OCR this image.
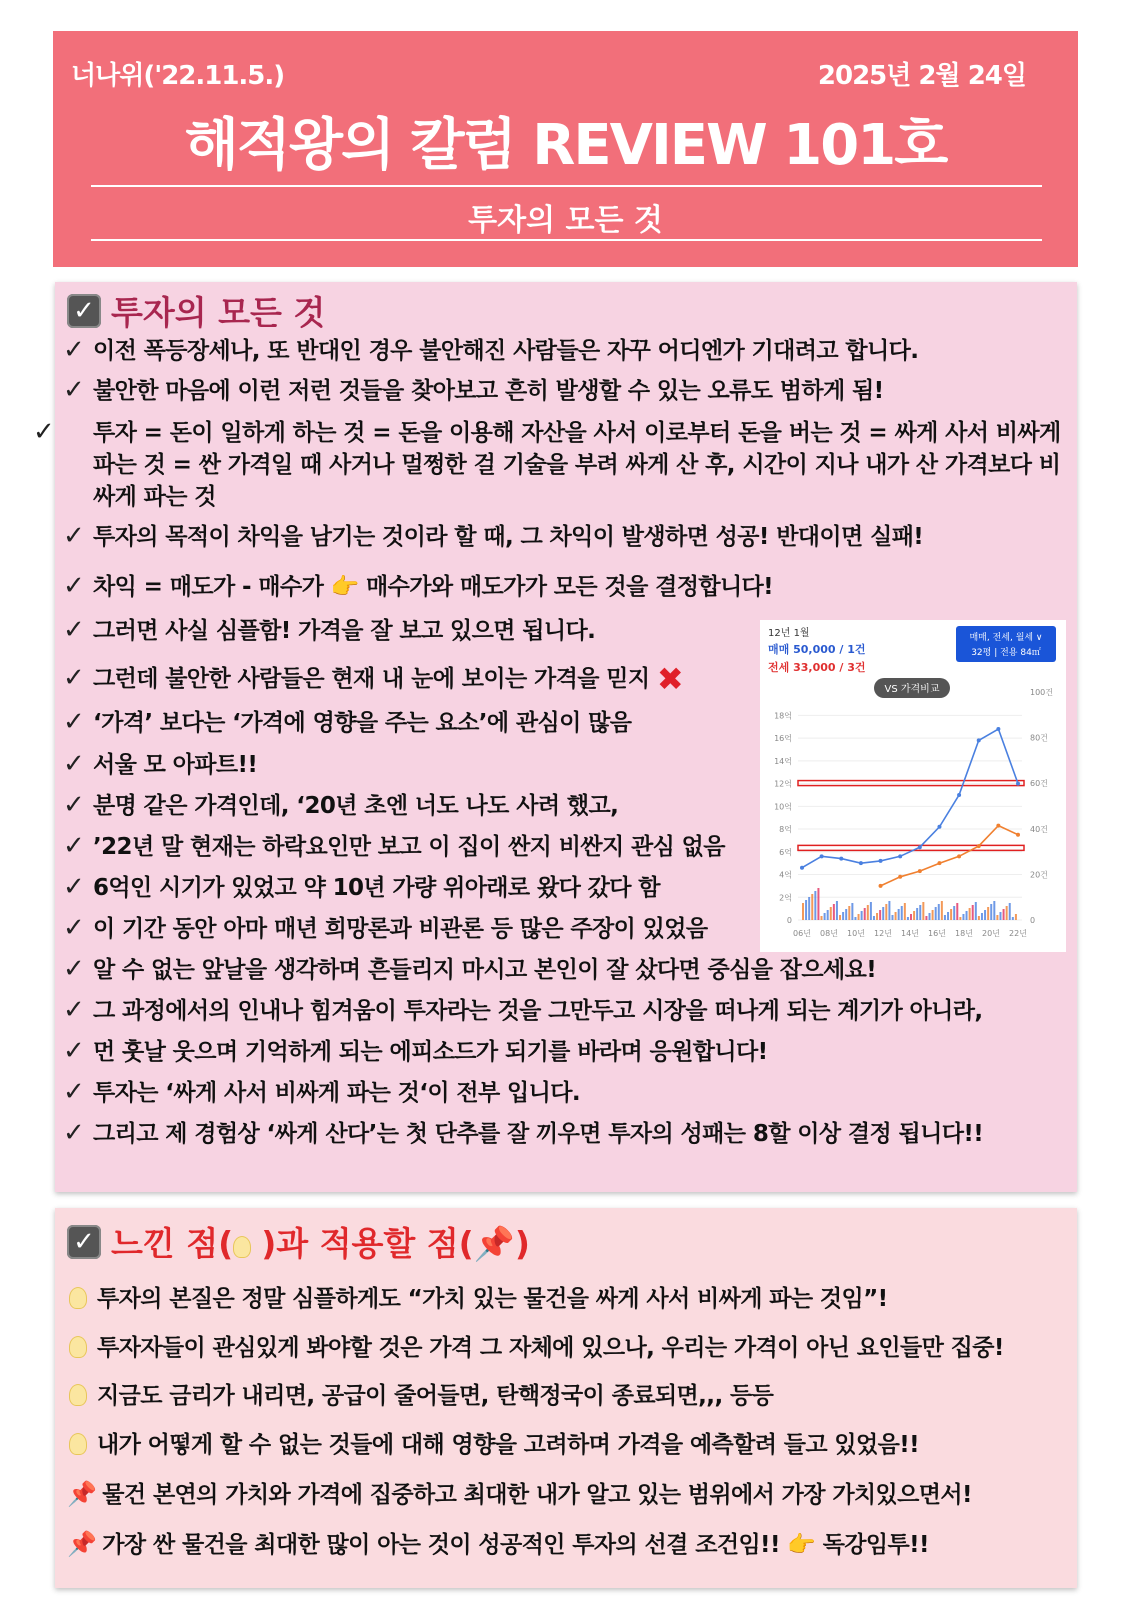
너나위('22.11.5.)	2025년 2월 24일
해적왕의 칼럼 REVIEW 101호
투자의 모든 것
✓ 투자의 모든 것
✓ 이전 폭등장세나, 또 반대인 경우 불안해진 사람들은 자꾸 어디엔가 기대려고 합니다.
✓ 불안한 마음에 이런 저런 것들을 찾아보고 흔히 발생할 수 있는 오류도 범하게 됨!
✓ 투자 = 돈이 일하게 하는 것 = 돈을 이용해 자산을 사서 이로부터 돈을 버는 것 = 싸게 사서 비싸게 파는 것 = 싼 가격일 때 사거나 멀쩡한 걸 기술을 부려 싸게 산 후, 시간이 지나 내가 산 가격보다 비싸게 파는 것
✓ 투자의 목적이 차익을 남기는 것이라 할 때, 그 차익이 발생하면 성공! 반대이면 실패!
✓ 차익 = 매도가 - 매수가 👉 매수가와 매도가가 모든 것을 결정합니다!
✓ 그러면 사실 심플함! 가격을 잘 보고 있으면 됩니다.
✓ 그런데 불안한 사람들은 현재 내 눈에 보이는 가격을 믿지 ✖
✓ ‘가격’ 보다는 ‘가격에 영향을 주는 요소’에 관심이 많음
✓ 서울 모 아파트!!
✓ 분명 같은 가격인데, ‘20년 초엔 너도 나도 사려 했고,
✓ ’22년 말 현재는 하락요인만 보고 이 집이 싼지 비싼지 관심 없음
✓ 6억인 시기가 있었고 약 10년 가량 위아래로 왔다 갔다 함
✓ 이 기간 동안 아마 매년 희망론과 비관론 등 많은 주장이 있었음
✓ 알 수 없는 앞날을 생각하며 흔들리지 마시고 본인이 잘 샀다면 중심을 잡으세요!
✓ 그 과정에서의 인내나 힘겨움이 투자라는 것을 그만두고 시장을 떠나게 되는 계기가 아니라,
✓ 먼 훗날 웃으며 기억하게 되는 에피소드가 되기를 바라며 응원합니다!
✓ 투자는 ‘싸게 사서 비싸게 파는 것‘이 전부 입니다.
✓ 그리고 제 경험상 ‘싸게 산다’는 첫 단추를 잘 끼우면 투자의 성패는 8할 이상 결정 됩니다!!
12년 1월
매매 50,000 / 1건
전세 33,000 / 3건
매매, 전세, 월세 ∨
32평 | 전용 84㎡
VS 가격비교
0
2억
4억
6억
8억
10억
12억
14억
16억
18억
0
20건
40건
60건
80건
100건
06년 08년 10년 12년 14년 16년 18년 20년 22년
✓ 느낀 점( )과 적용할 점(📌)
투자의 본질은 정말 심플하게도 “가치 있는 물건을 싸게 사서 비싸게 파는 것임”!
투자자들이 관심있게 봐야할 것은 가격 그 자체에 있으나, 우리는 가격이 아닌 요인들만 집중!
지금도 금리가 내리면, 공급이 줄어들면, 탄핵정국이 종료되면,,, 등등
내가 어떻게 할 수 없는 것들에 대해 영향을 고려하며 가격을 예측할려 들고 있었음!!
📌 물건 본연의 가치와 가격에 집중하고 최대한 내가 알고 있는 범위에서 가장 가치있으면서!
📌 가장 싼 물건을 최대한 많이 아는 것이 성공적인 투자의 선결 조건임!! 👉 독강임투!!
